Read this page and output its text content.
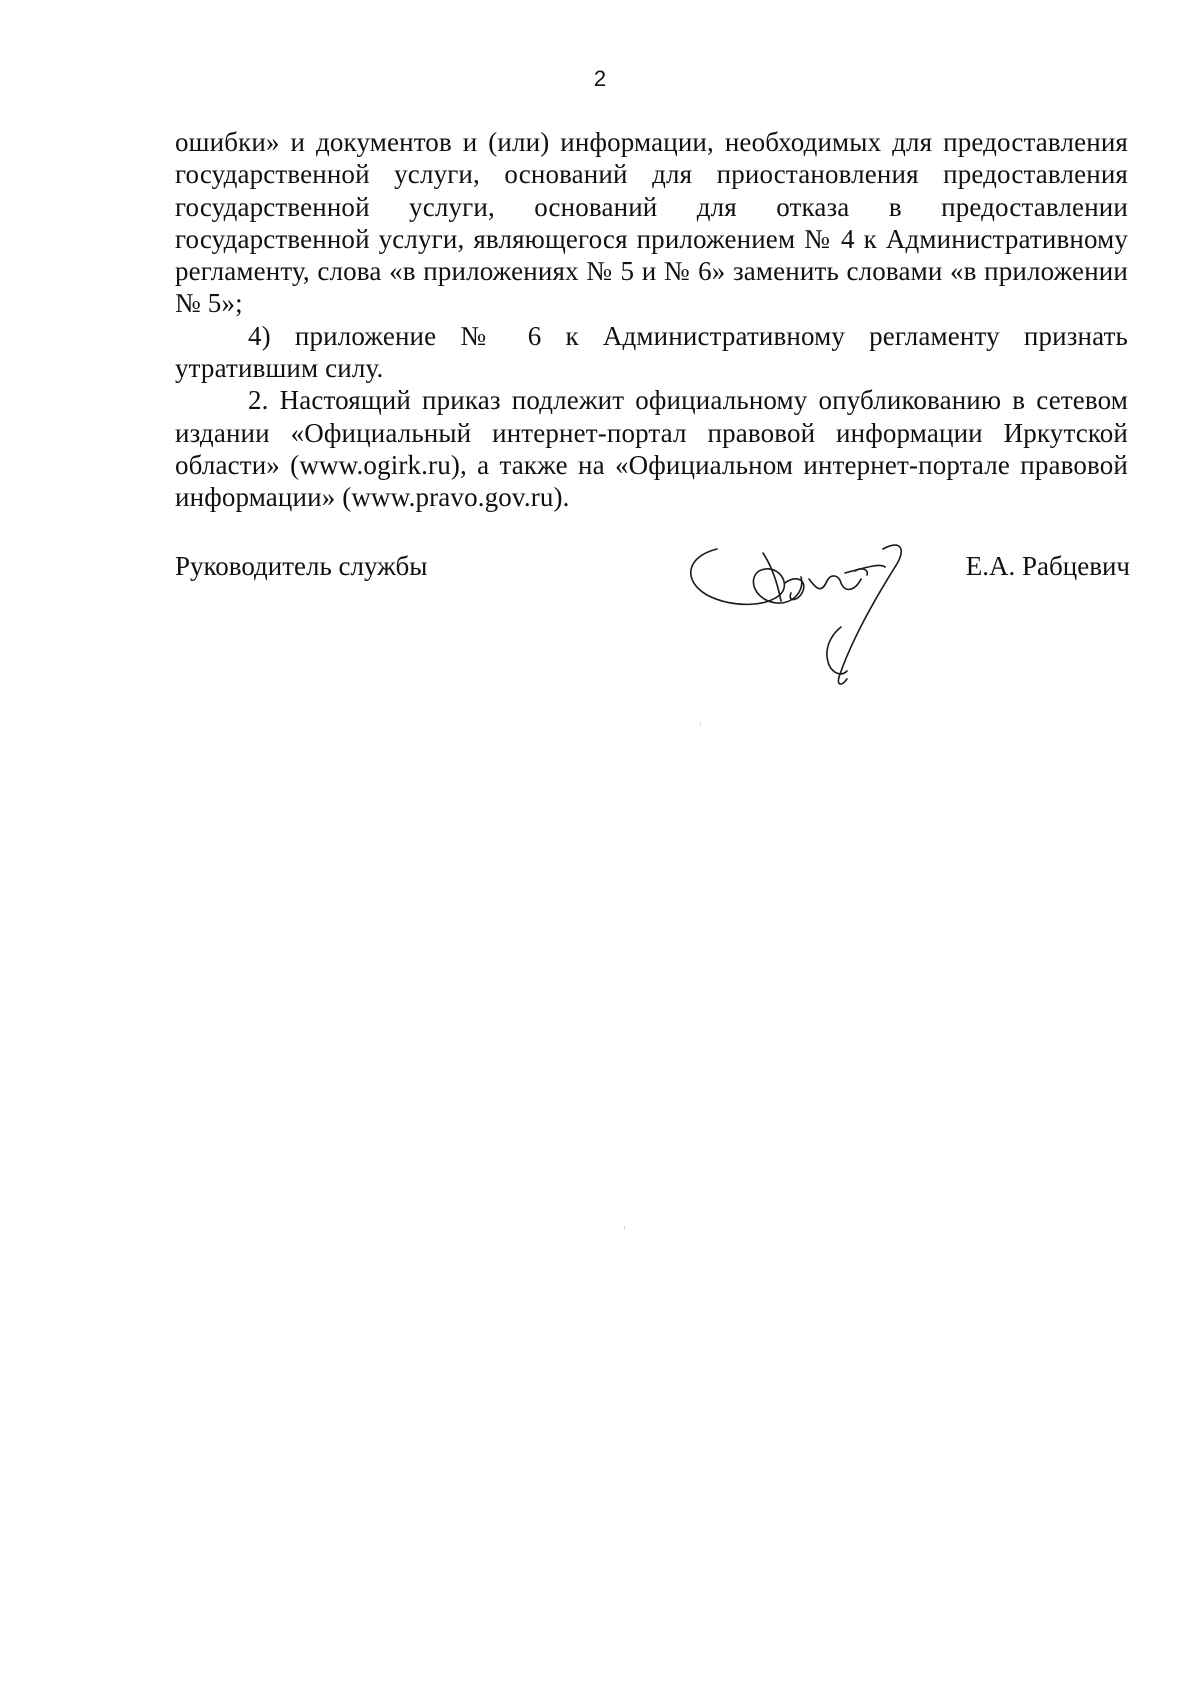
2

ошибки» и документов и (или) информации, необходимых для предоставления государственной услуги, оснований для приостановления предоставления государственной услуги, оснований для отказа в предоставлении государственной услуги, являющегося приложением № 4 к Административному регламенту, слова «в приложениях № 5 и № 6» заменить словами «в приложении № 5»;

4) приложение № 6 к Административному регламенту признать утратившим силу.

2. Настоящий приказ подлежит официальному опубликованию в сетевом издании «Официальный интернет-портал правовой информации Иркутской области» (www.ogirk.ru), а также на «Официальном интернет-портале правовой информации» (www.pravo.gov.ru).

Руководитель службы	Е.А. Рабцевич
